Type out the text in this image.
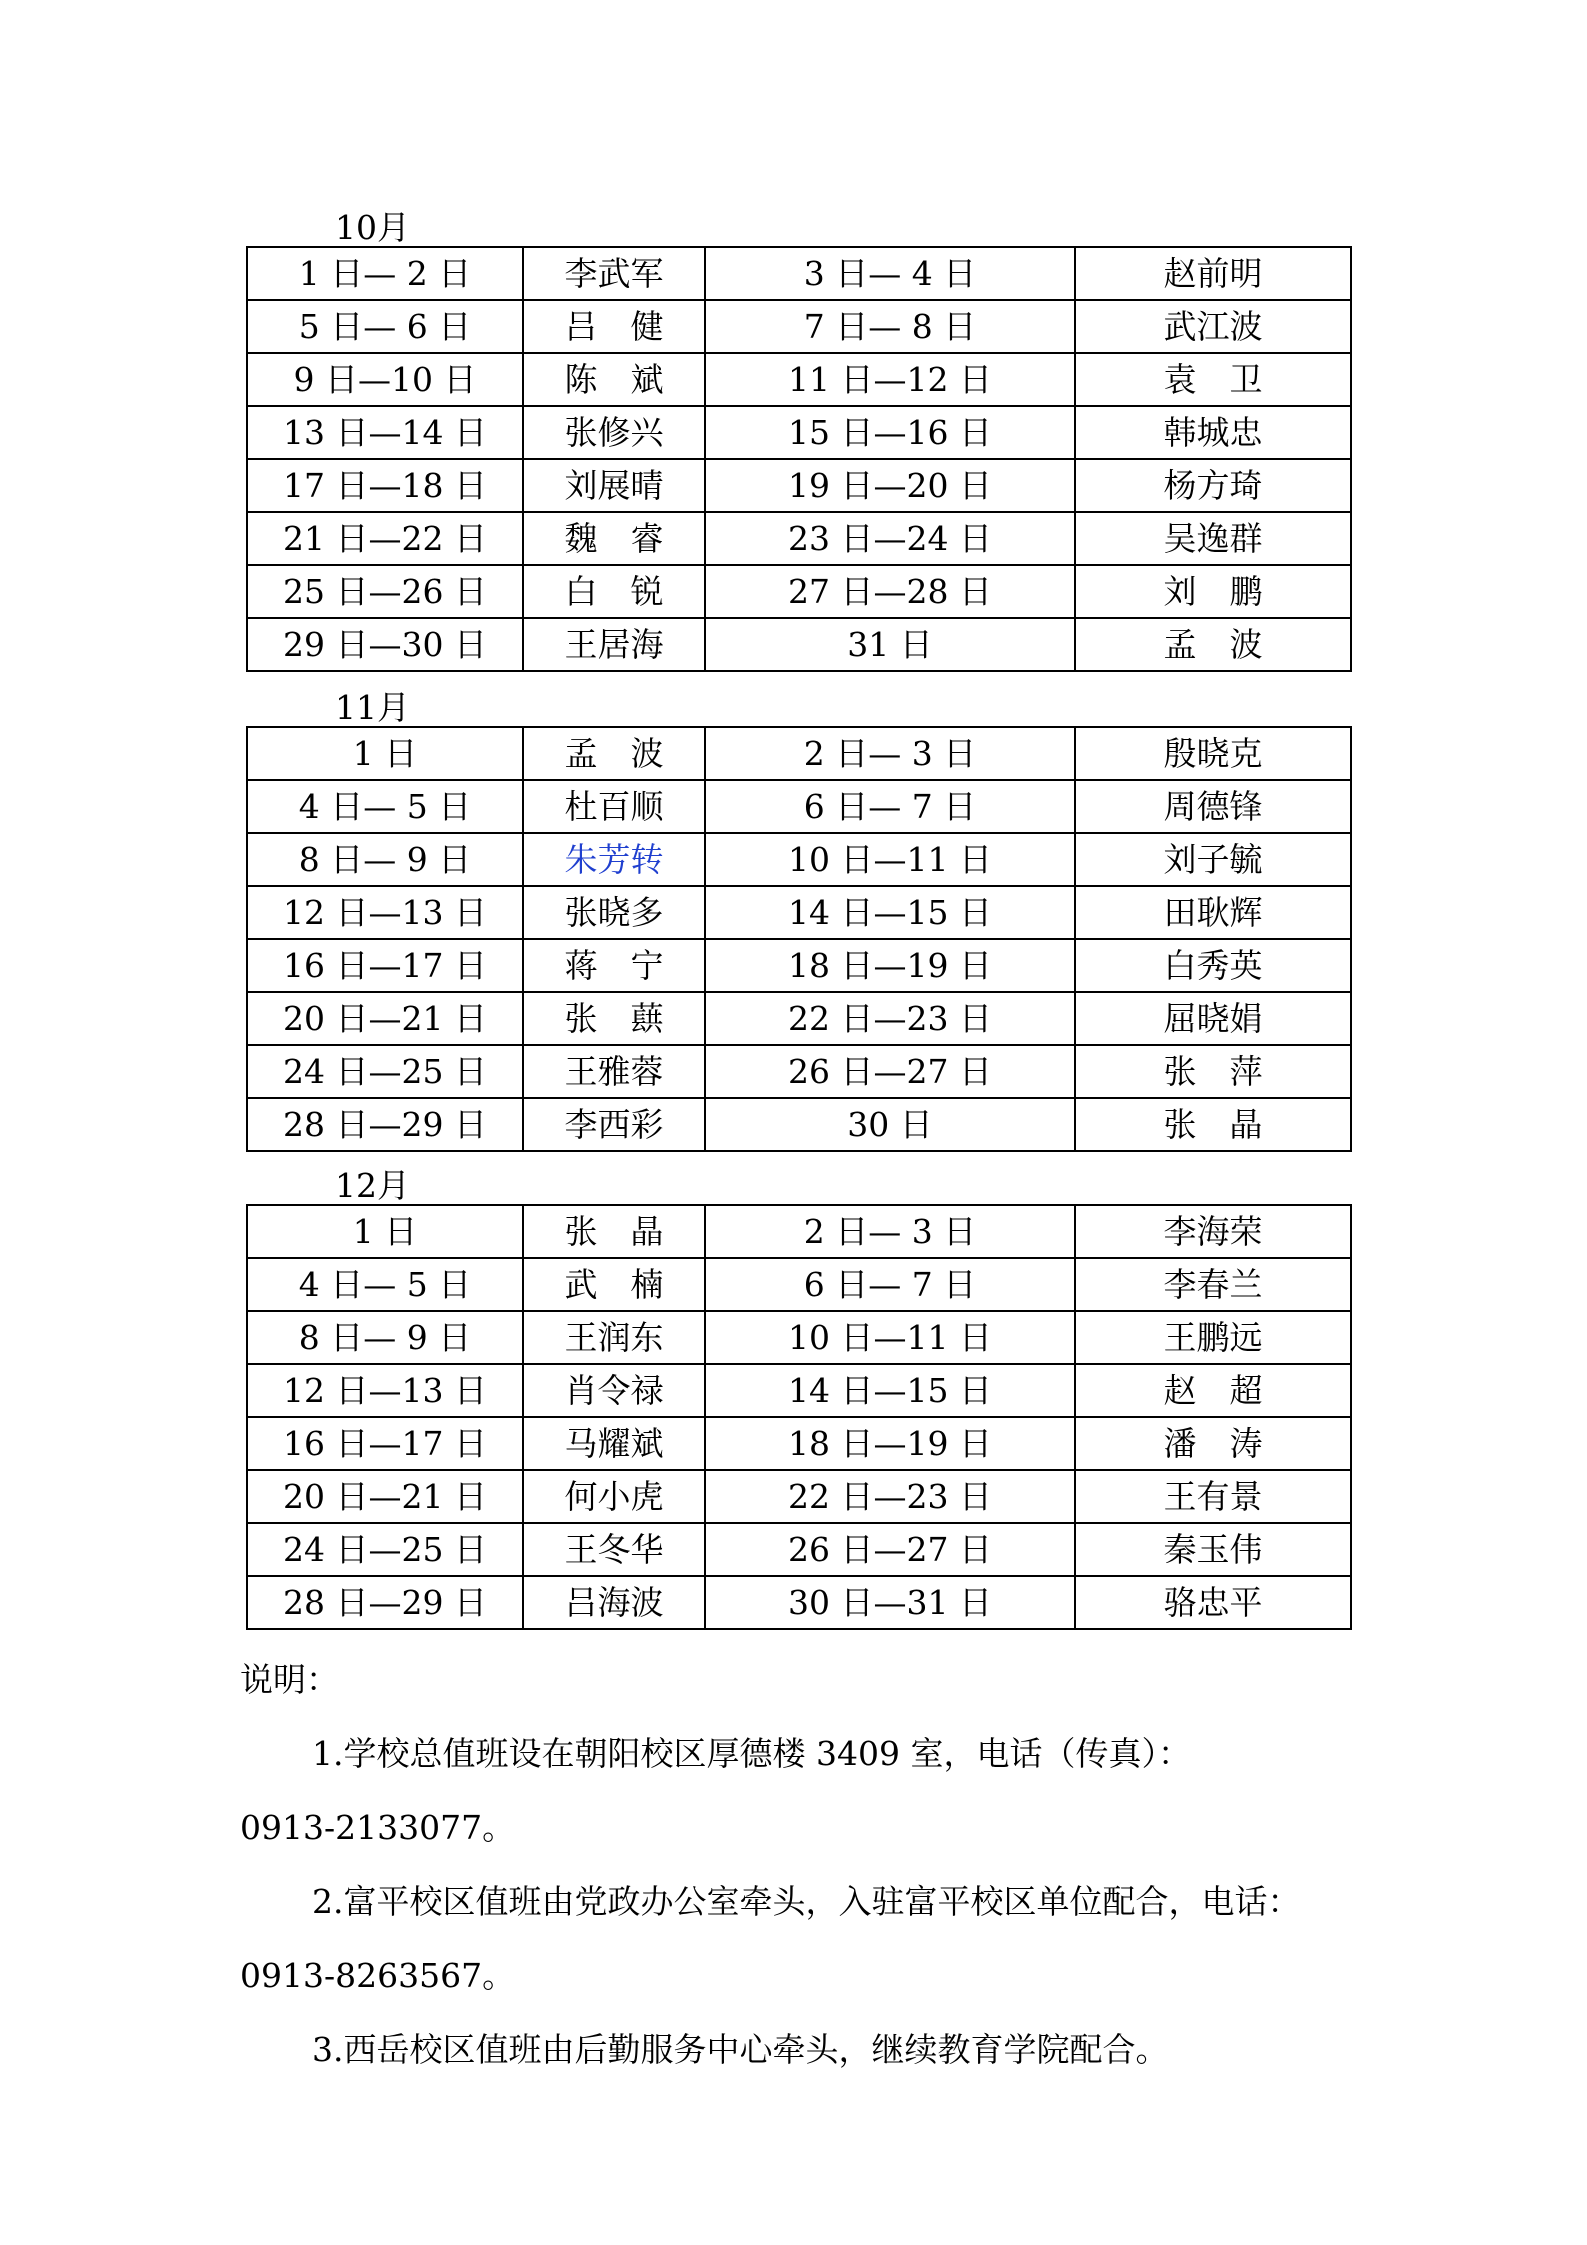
10月
1 日— 2 日	李武军	3 日— 4 日	赵前明
5 日— 6 日	吕　健	7 日— 8 日	武江波
9 日—10 日	陈　斌	11 日—12 日	袁　卫
13 日—14 日	张修兴	15 日—16 日	韩城忠
17 日—18 日	刘展晴	19 日—20 日	杨方琦
21 日—22 日	魏　睿	23 日—24 日	吴逸群
25 日—26 日	白　锐	27 日—28 日	刘　鹏
29 日—30 日	王居海	31 日	孟　波
11月
1 日	孟　波	2 日— 3 日	殷晓克
4 日— 5 日	杜百顺	6 日— 7 日	周德锋
8 日— 9 日	朱芳转	10 日—11 日	刘子毓
12 日—13 日	张晓多	14 日—15 日	田耿辉
16 日—17 日	蒋　宁	18 日—19 日	白秀英
20 日—21 日	张　蕻	22 日—23 日	屈晓娟
24 日—25 日	王雅蓉	26 日—27 日	张　萍
28 日—29 日	李西彩	30 日	张　晶
12月
1 日	张　晶	2 日— 3 日	李海荣
4 日— 5 日	武　楠	6 日— 7 日	李春兰
8 日— 9 日	王润东	10 日—11 日	王鹏远
12 日—13 日	肖令禄	14 日—15 日	赵　超
16 日—17 日	马耀斌	18 日—19 日	潘　涛
20 日—21 日	何小虎	22 日—23 日	王有景
24 日—25 日	王冬华	26 日—27 日	秦玉伟
28 日—29 日	吕海波	30 日—31 日	骆忠平
说明：
1.学校总值班设在朝阳校区厚德楼 3409 室，电话（传真）：
0913-2133077。
2.富平校区值班由党政办公室牵头，入驻富平校区单位配合，电话：
0913-8263567。
3.西岳校区值班由后勤服务中心牵头，继续教育学院配合。
